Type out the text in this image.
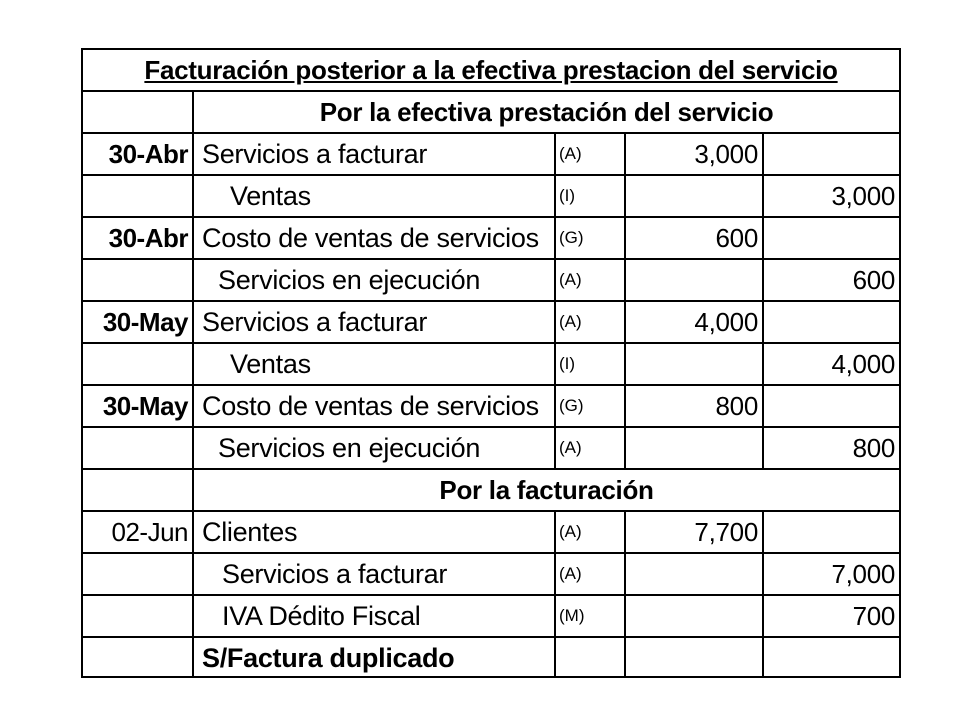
Facturación posterior a la efectiva prestacion del servicio				
	Por la efectiva prestación del servicio			
30-Abr	Servicios a facturar	(A)	3,000	
	Ventas	(I)		3,000
30-Abr	Costo de ventas de servicios	(G)	600	
	Servicios en ejecución	(A)		600
30-May	Servicios a facturar	(A)	4,000	
	Ventas	(I)		4,000
30-May	Costo de ventas de servicios	(G)	800	
	Servicios en ejecución	(A)		800
	Por la facturación			
02-Jun	Clientes	(A)	7,700	
	Servicios a facturar	(A)		7,000
	IVA Dédito Fiscal	(M)		700
	S/Factura duplicado			
